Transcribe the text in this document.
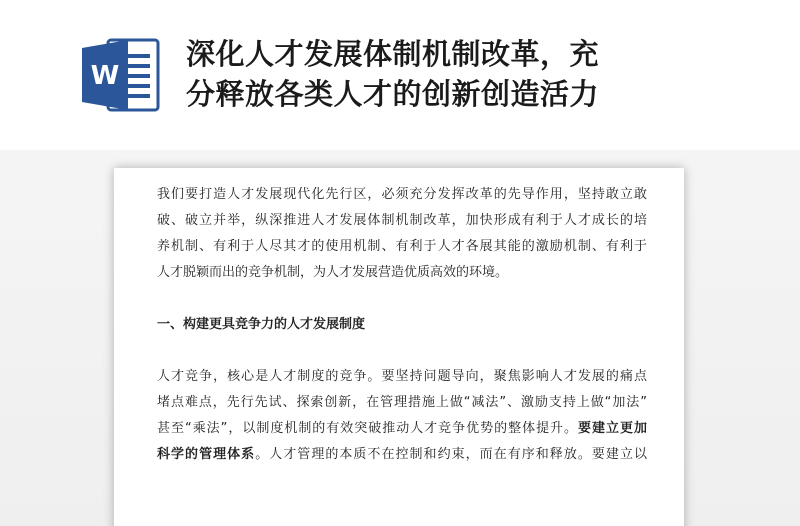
W
深化人才发展体制机制改革，充
分释放各类人才的创新创造活力
我们要打造人才发展现代化先行区，必须充分发挥改革的先导作用，坚持敢立敢
破、破立并举，纵深推进人才发展体制机制改革，加快形成有利于人才成长的培
养机制、有利于人尽其才的使用机制、有利于人才各展其能的激励机制、有利于
人才脱颖而出的竞争机制，为人才发展营造优质高效的环境。
一、构建更具竞争力的人才发展制度
人才竞争，核心是人才制度的竞争。要坚持问题导向，聚焦影响人才发展的痛点
堵点难点，先行先试、探索创新，在管理措施上做“减法”、激励支持上做“加法”
甚至“乘法”，以制度机制的有效突破推动人才竞争优势的整体提升。要建立更加
科学的管理体系。人才管理的本质不在控制和约束，而在有序和释放。要建立以
